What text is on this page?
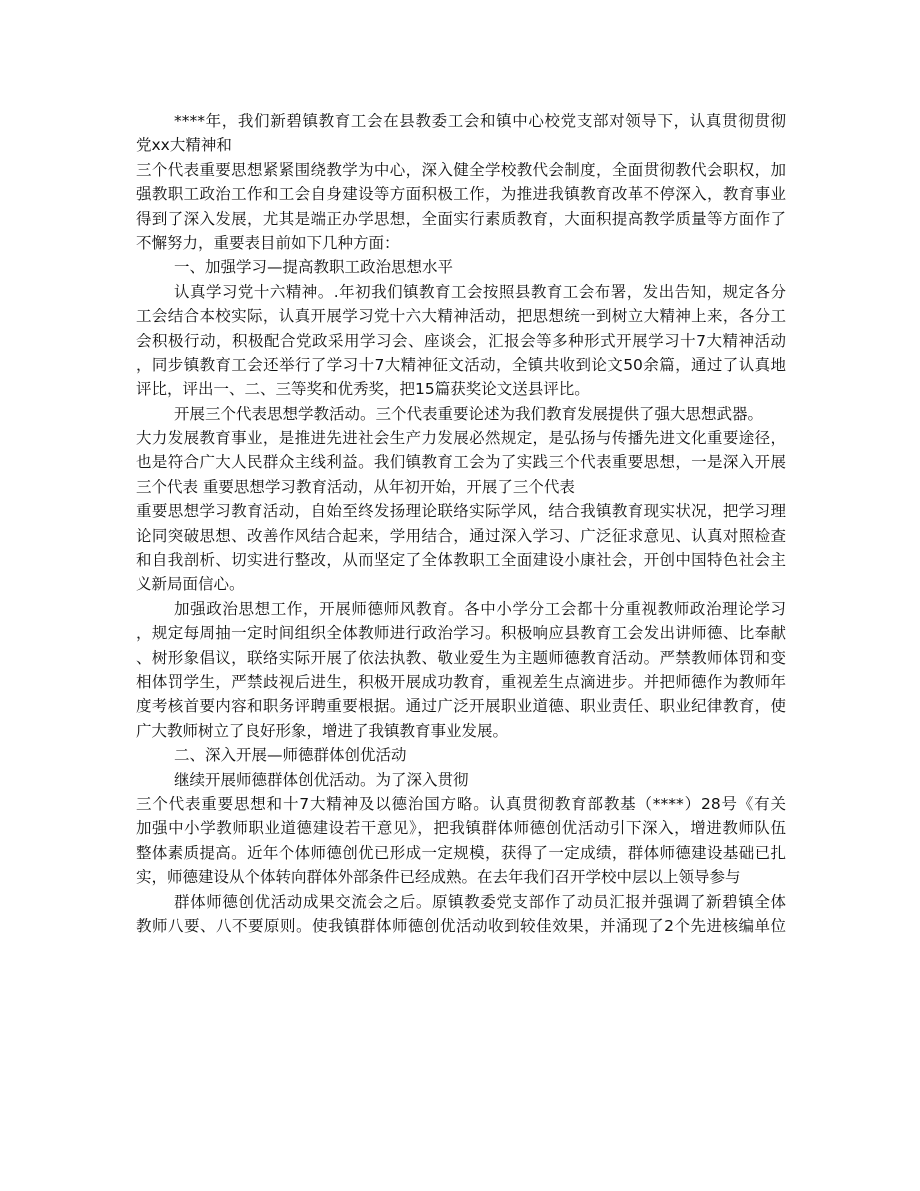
****年，我们新碧镇教育工会在县教委工会和镇中心校党支部对领导下，认真贯彻贯彻
党xx大精神和
三个代表重要思想紧紧围绕教学为中心，深入健全学校教代会制度，全面贯彻教代会职权，加
强教职工政治工作和工会自身建设等方面积极工作，为推进我镇教育改革不停深入，教育事业
得到了深入发展，尤其是端正办学思想，全面实行素质教育，大面积提高教学质量等方面作了
不懈努力，重要表目前如下几种方面：
一、加强学习—提高教职工政治思想水平
认真学习党十六精神。.年初我们镇教育工会按照县教育工会布署，发出告知，规定各分
工会结合本校实际，认真开展学习党十六大精神活动，把思想统一到树立大精神上来，各分工
会积极行动，积极配合党政采用学习会、座谈会，汇报会等多种形式开展学习十7大精神活动
，同步镇教育工会还举行了学习十7大精神征文活动，全镇共收到论文50余篇，通过了认真地
评比，评出一、二、三等奖和优秀奖，把15篇获奖论文送县评比。
开展三个代表思想学教活动。三个代表重要论述为我们教育发展提供了强大思想武器。
大力发展教育事业，是推进先进社会生产力发展必然规定，是弘扬与传播先进文化重要途径，
也是符合广大人民群众主线利益。我们镇教育工会为了实践三个代表重要思想，一是深入开展
三个代表 重要思想学习教育活动，从年初开始，开展了三个代表
重要思想学习教育活动，自始至终发扬理论联络实际学风，结合我镇教育现实状况，把学习理
论同突破思想、改善作风结合起来，学用结合，通过深入学习、广泛征求意见、认真对照检查
和自我剖析、切实进行整改，从而坚定了全体教职工全面建设小康社会，开创中国特色社会主
义新局面信心。
加强政治思想工作，开展师德师风教育。各中小学分工会都十分重视教师政治理论学习
，规定每周抽一定时间组织全体教师进行政治学习。积极响应县教育工会发出讲师德、比奉献
、树形象倡议，联络实际开展了依法执教、敬业爱生为主题师德教育活动。严禁教师体罚和变
相体罚学生，严禁歧视后进生，积极开展成功教育，重视差生点滴进步。并把师德作为教师年
度考核首要内容和职务评聘重要根据。通过广泛开展职业道德、职业责任、职业纪律教育，使
广大教师树立了良好形象，增进了我镇教育事业发展。
二、深入开展—师德群体创优活动
继续开展师德群体创优活动。为了深入贯彻
三个代表重要思想和十7大精神及以德治国方略。认真贯彻教育部教基（****）28号《有关
加强中小学教师职业道德建设若干意见》，把我镇群体师德创优活动引下深入，增进教师队伍
整体素质提高。近年个体师德创优已形成一定规模，获得了一定成绩，群体师德建设基础已扎
实，师德建设从个体转向群体外部条件已经成熟。在去年我们召开学校中层以上领导参与
群体师德创优活动成果交流会之后。原镇教委党支部作了动员汇报并强调了新碧镇全体
教师八要、八不要原则。使我镇群体师德创优活动收到较佳效果，并涌现了2个先进核编单位
